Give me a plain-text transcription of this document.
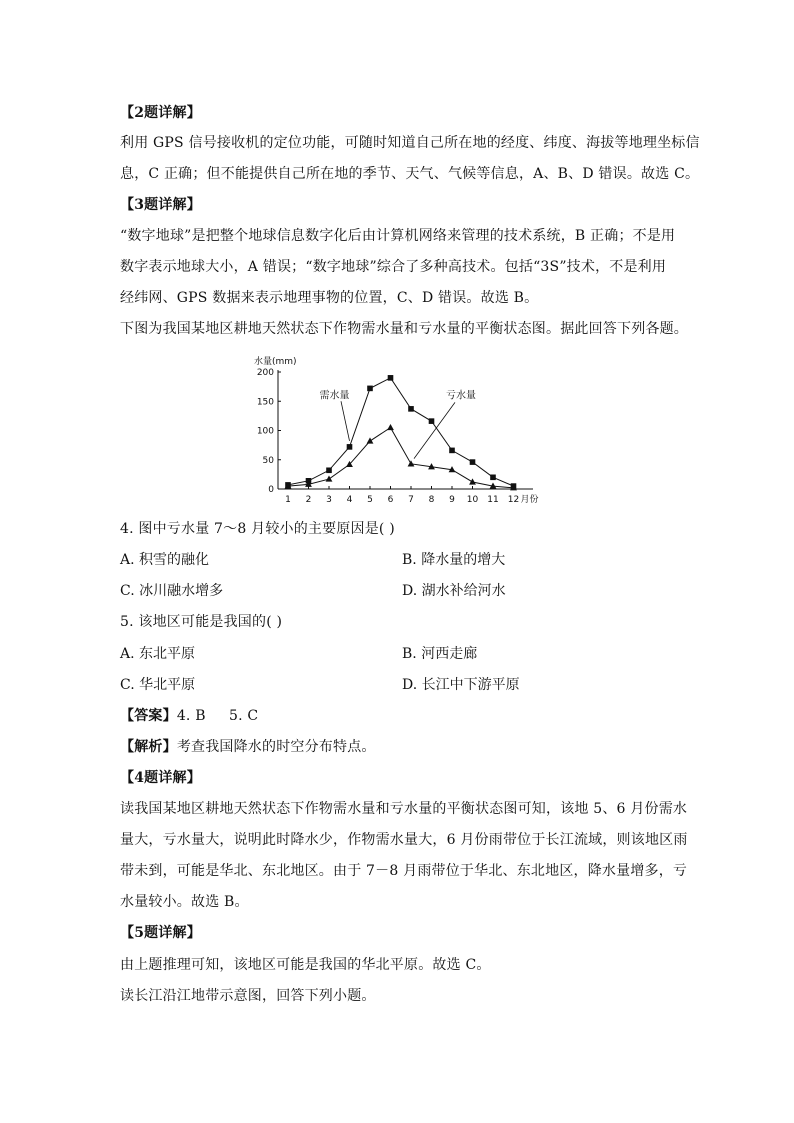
【2题详解】
利用 GPS 信号接收机的定位功能，可随时知道自己所在地的经度、纬度、海拔等地理坐标信
息，C 正确；但不能提供自己所在地的季节、天气、气候等信息，A、B、D 错误。故选 C。
【3题详解】
“数字地球”是把整个地球信息数字化后由计算机网络来管理的技术系统，B 正确；不是用
数字表示地球大小，A 错误；“数字地球”综合了多种高技术。包括“3S”技术，不是利用
经纬网、GPS 数据来表示地理事物的位置，C、D 错误。故选 B。
下图为我国某地区耕地天然状态下作物需水量和亏水量的平衡状态图。据此回答下列各题。
水量(mm)
0
50
100
150
200
1 2 3 4 5 6 7 8 9 10 11 12 月份
需水量	亏水量
4. 图中亏水量 7～8 月较小的主要原因是( )
A. 积雪的融化	B. 降水量的增大
C. 冰川融水增多	D. 湖水补给河水
5. 该地区可能是我国的( )
A. 东北平原	B. 河西走廊
C. 华北平原	D. 长江中下游平原
【答案】4. B     5. C
【解析】考查我国降水的时空分布特点。
【4题详解】
读我国某地区耕地天然状态下作物需水量和亏水量的平衡状态图可知，该地 5、6 月份需水
量大，亏水量大，说明此时降水少，作物需水量大，6 月份雨带位于长江流域，则该地区雨
带未到，可能是华北、东北地区。由于 7－8 月雨带位于华北、东北地区，降水量增多，亏
水量较小。故选 B。
【5题详解】
由上题推理可知，该地区可能是我国的华北平原。故选 C。
读长江沿江地带示意图，回答下列小题。
